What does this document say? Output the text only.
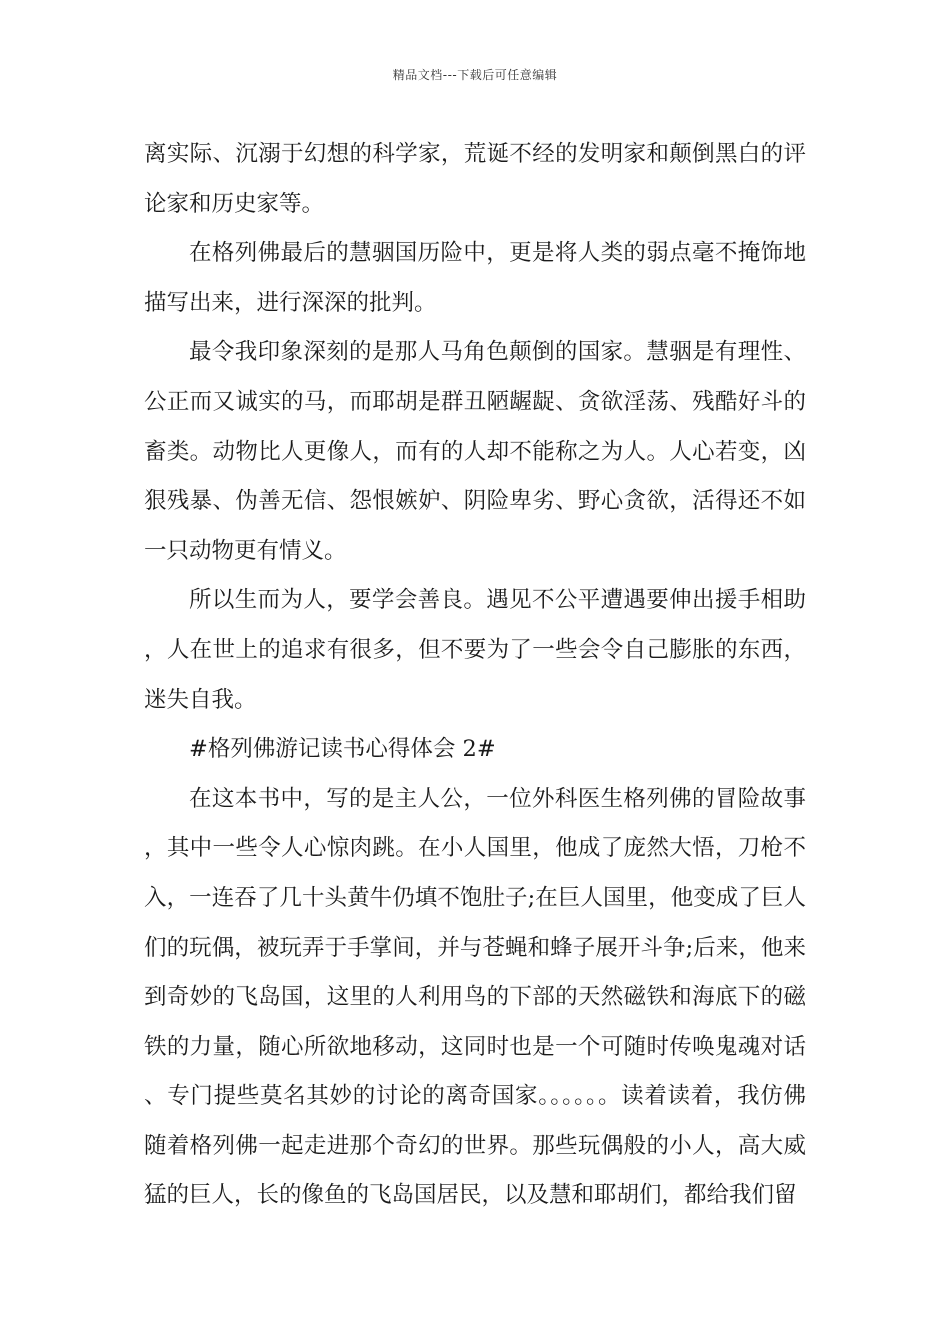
精品文档---下载后可任意编辑

离实际、沉溺于幻想的科学家，荒诞不经的发明家和颠倒黑白的评论家和历史家等。

在格列佛最后的慧骃国历险中，更是将人类的弱点毫不掩饰地描写出来，进行深深的批判。

最令我印象深刻的是那人马角色颠倒的国家。慧骃是有理性、公正而又诚实的马，而耶胡是群丑陋龌龊、贪欲淫荡、残酷好斗的畜类。动物比人更像人，而有的人却不能称之为人。人心若变，凶狠残暴、伪善无信、怨恨嫉妒、阴险卑劣、野心贪欲，活得还不如一只动物更有情义。

所以生而为人，要学会善良。遇见不公平遭遇要伸出援手相助，人在世上的追求有很多，但不要为了一些会令自己膨胀的东西，迷失自我。

#格列佛游记读书心得体会 2#

在这本书中，写的是主人公，一位外科医生格列佛的冒险故事，其中一些令人心惊肉跳。在小人国里，他成了庞然大悟，刀枪不入，一连吞了几十头黄牛仍填不饱肚子;在巨人国里，他变成了巨人们的玩偶，被玩弄于手掌间，并与苍蝇和蜂子展开斗争;后来，他来到奇妙的飞岛国，这里的人利用鸟的下部的天然磁铁和海底下的磁铁的力量，随心所欲地移动，这同时也是一个可随时传唤鬼魂对话、专门提些莫名其妙的讨论的离奇国家。。。。。。读着读着，我仿佛随着格列佛一起走进那个奇幻的世界。那些玩偶般的小人，高大威猛的巨人，长的像鱼的飞岛国居民，以及慧和耶胡们，都给我们留
